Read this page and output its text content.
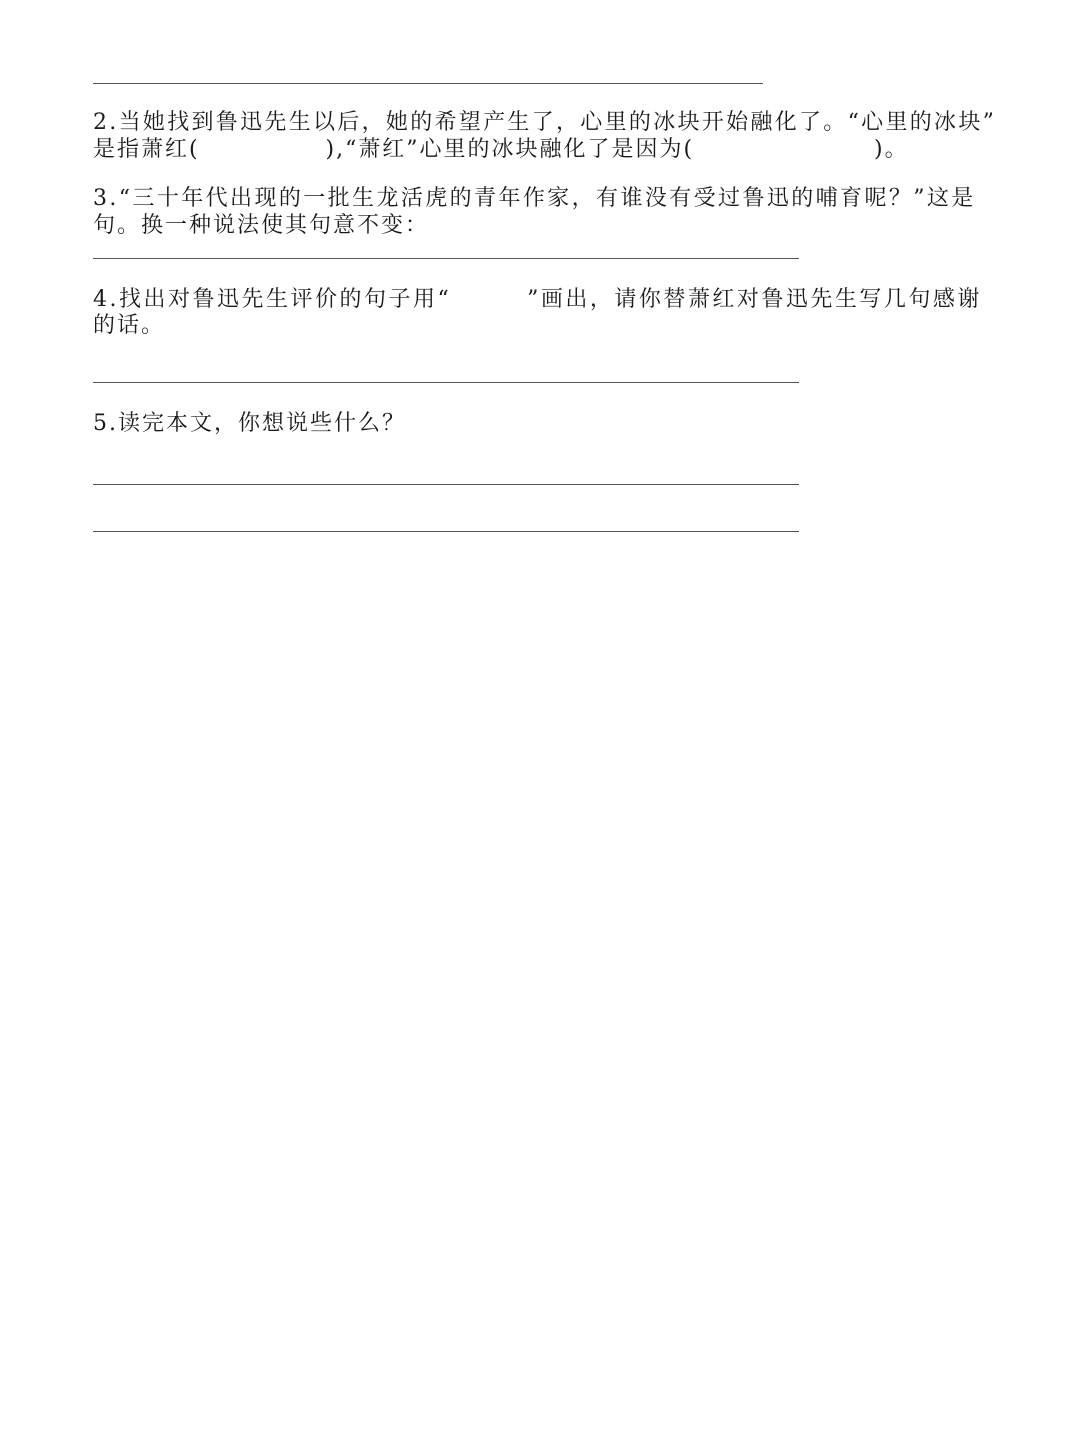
2.当她找到鲁迅先生以后，她的希望产生了，心里的冰块开始融化了。“心里的冰块”

是指萧红(              ),“萧红”心里的冰块融化了是因为(                    )。

3.“三十年代出现的一批生龙活虎的青年作家，有谁没有受过鲁迅的哺育呢？”这是

句。换一种说法使其句意不变：

4.找出对鲁迅先生评价的句子用“        ”画出，请你替萧红对鲁迅先生写几句感谢

的话。

5.读完本文，你想说些什么？
